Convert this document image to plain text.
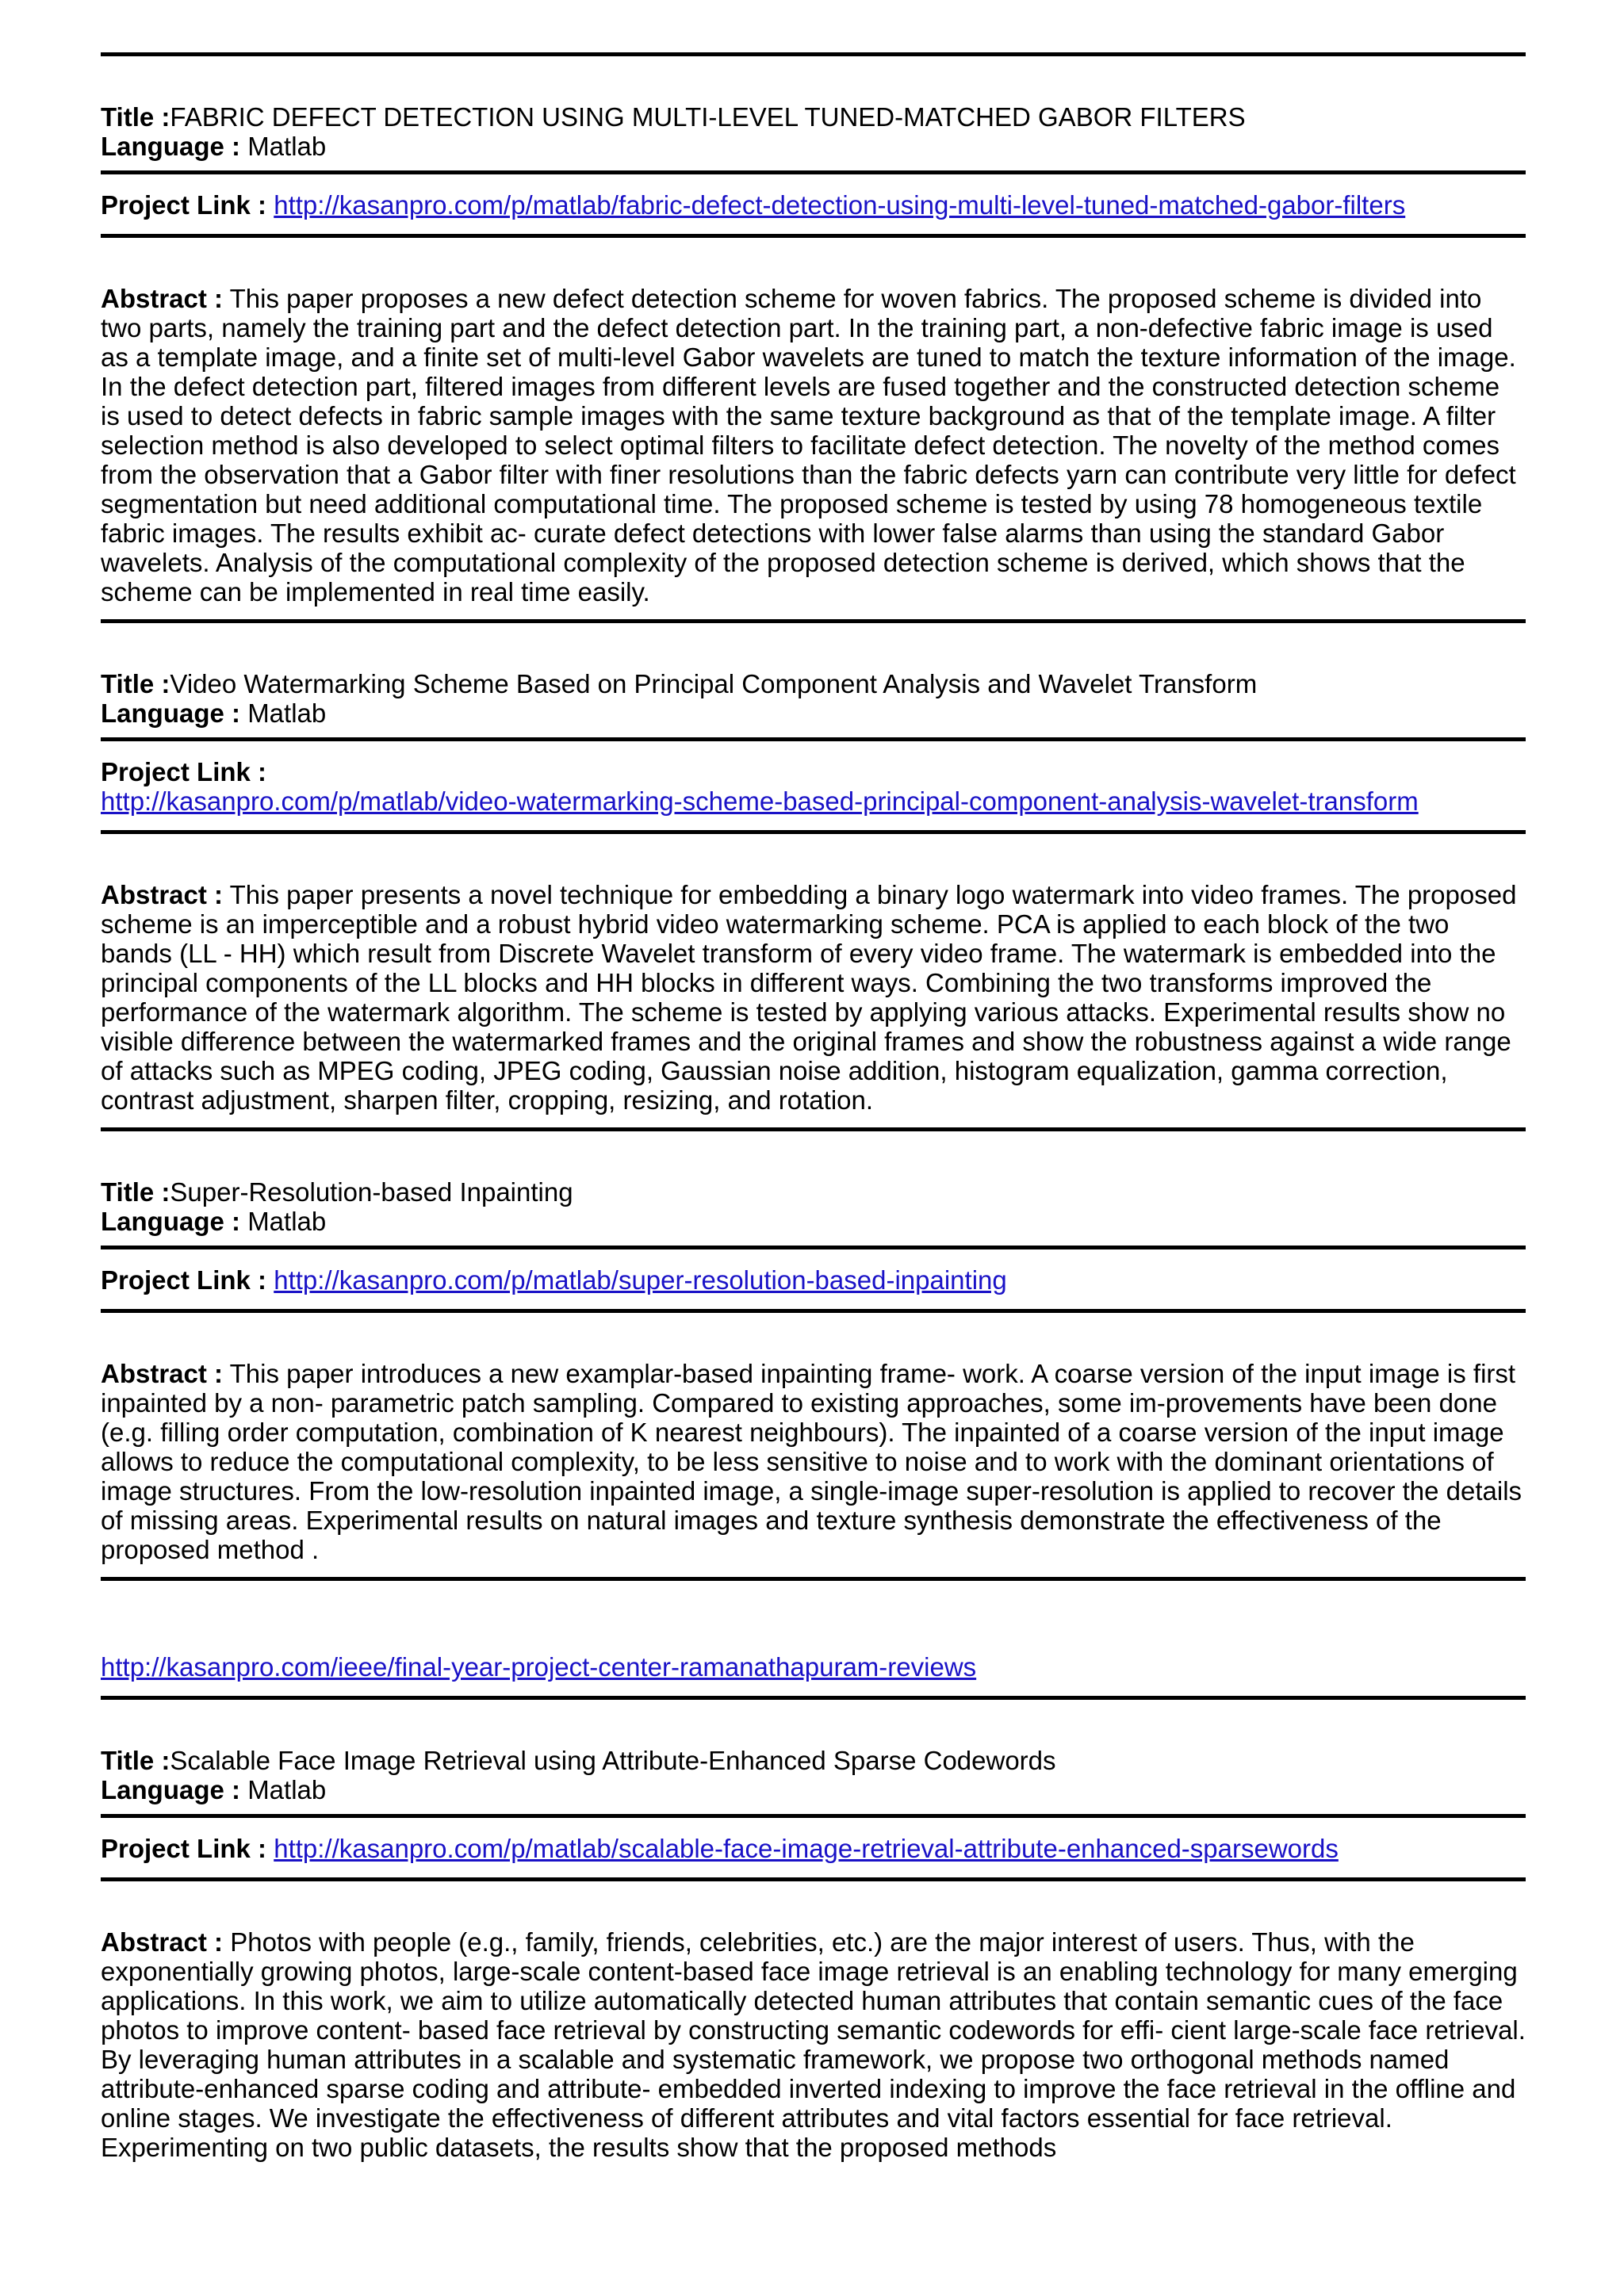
Title :FABRIC DEFECT DETECTION USING MULTI-LEVEL TUNED-MATCHED GABOR FILTERS
Language : Matlab
Project Link : http://kasanpro.com/p/matlab/fabric-defect-detection-using-multi-level-tuned-matched-gabor-filters
Abstract : This paper proposes a new defect detection scheme for woven fabrics. The proposed scheme is divided into two parts, namely the training part and the defect detection part. In the training part, a non-defective fabric image is used as a template image, and a finite set of multi-level Gabor wavelets are tuned to match the texture information of the image. In the defect detection part, filtered images from different levels are fused together and the constructed detection scheme is used to detect defects in fabric sample images with the same texture background as that of the template image. A filter selection method is also developed to select optimal filters to facilitate defect detection. The novelty of the method comes from the observation that a Gabor filter with finer resolutions than the fabric defects yarn can contribute very little for defect segmentation but need additional computational time. The proposed scheme is tested by using 78 homogeneous textile fabric images. The results exhibit ac- curate defect detections with lower false alarms than using the standard Gabor wavelets. Analysis of the computational complexity of the proposed detection scheme is derived, which shows that the scheme can be implemented in real time easily.
Title :Video Watermarking Scheme Based on Principal Component Analysis and Wavelet Transform
Language : Matlab
Project Link :
http://kasanpro.com/p/matlab/video-watermarking-scheme-based-principal-component-analysis-wavelet-transform
Abstract : This paper presents a novel technique for embedding a binary logo watermark into video frames. The proposed scheme is an imperceptible and a robust hybrid video watermarking scheme. PCA is applied to each block of the two bands (LL - HH) which result from Discrete Wavelet transform of every video frame. The watermark is embedded into the principal components of the LL blocks and HH blocks in different ways. Combining the two transforms improved the performance of the watermark algorithm. The scheme is tested by applying various attacks. Experimental results show no visible difference between the watermarked frames and the original frames and show the robustness against a wide range of attacks such as MPEG coding, JPEG coding, Gaussian noise addition, histogram equalization, gamma correction, contrast adjustment, sharpen filter, cropping, resizing, and rotation.
Title :Super-Resolution-based Inpainting
Language : Matlab
Project Link : http://kasanpro.com/p/matlab/super-resolution-based-inpainting
Abstract : This paper introduces a new examplar-based inpainting frame- work. A coarse version of the input image is first inpainted by a non- parametric patch sampling. Compared to existing approaches, some im-provements have been done (e.g. filling order computation, combination of K nearest neighbours). The inpainted of a coarse version of the input image allows to reduce the computational complexity, to be less sensitive to noise and to work with the dominant orientations of image structures. From the low-resolution inpainted image, a single-image super-resolution is applied to recover the details of missing areas. Experimental results on natural images and texture synthesis demonstrate the effectiveness of the proposed method .
http://kasanpro.com/ieee/final-year-project-center-ramanathapuram-reviews
Title :Scalable Face Image Retrieval using Attribute-Enhanced Sparse Codewords
Language : Matlab
Project Link : http://kasanpro.com/p/matlab/scalable-face-image-retrieval-attribute-enhanced-sparsewords
Abstract : Photos with people (e.g., family, friends, celebrities, etc.) are the major interest of users. Thus, with the exponentially growing photos, large-scale content-based face image retrieval is an enabling technology for many emerging applications. In this work, we aim to utilize automatically detected human attributes that contain semantic cues of the face photos to improve content- based face retrieval by constructing semantic codewords for effi- cient large-scale face retrieval. By leveraging human attributes in a scalable and systematic framework, we propose two orthogonal methods named attribute-enhanced sparse coding and attribute- embedded inverted indexing to improve the face retrieval in the offline and online stages. We investigate the effectiveness of different attributes and vital factors essential for face retrieval. Experimenting on two public datasets, the results show that the proposed methods
